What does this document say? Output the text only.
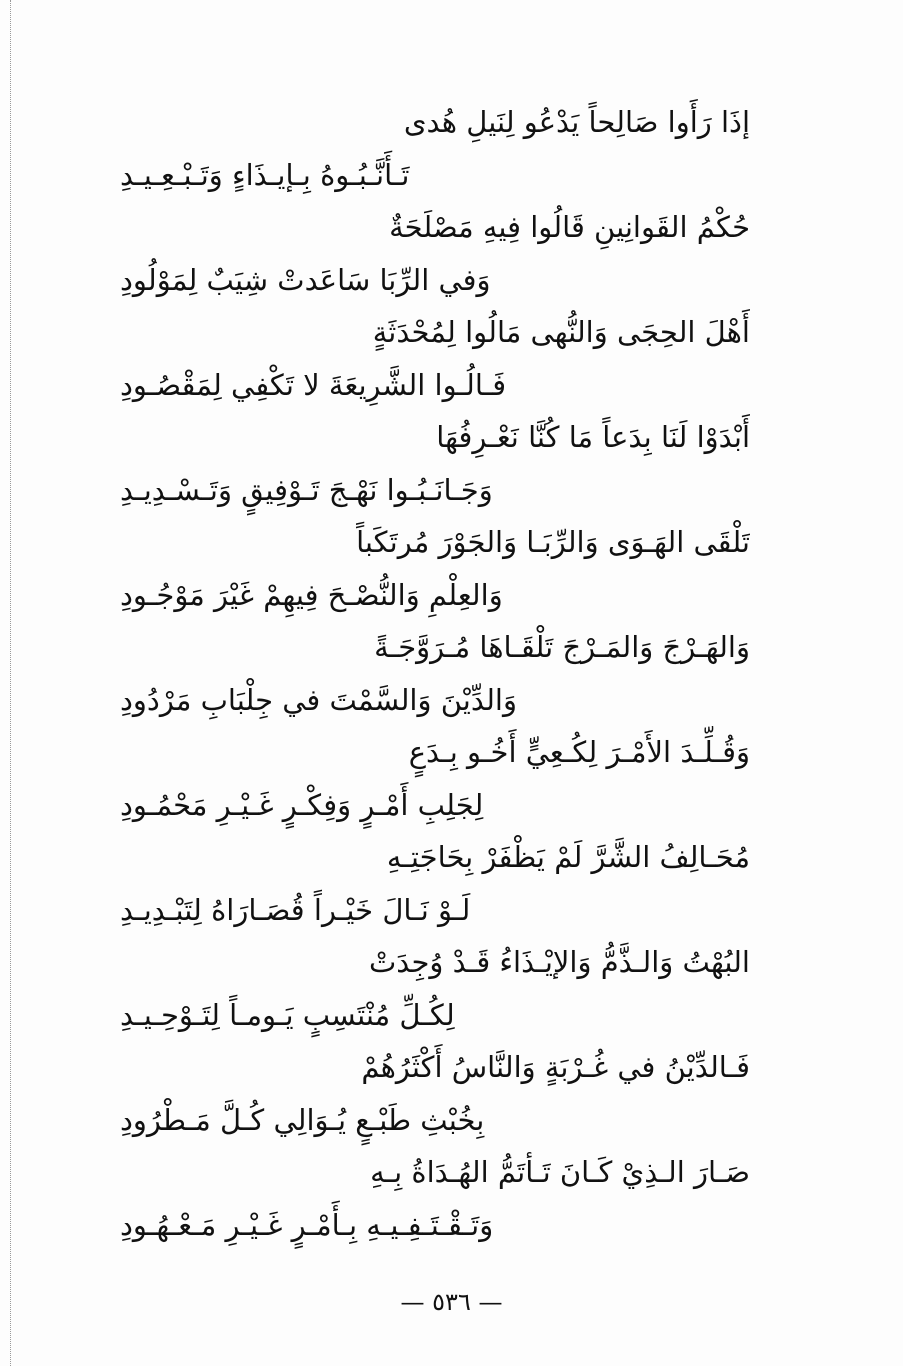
إذَا رَأَوا صَالِحاً يَدْعُو لِنَيلِ هُدى
تَـأَنَّـبُـوهُ بِـإيـذَاءٍ وَتَـبْـعِـيـدِ
حُكْمُ القَوانِينِ قَالُوا فِيهِ مَصْلَحَةٌ
وَفي الرِّبَا سَاعَدتْ شِيَبٌ لِمَوْلُودِ
أَهْلَ الحِجَى وَالنُّهى مَالُوا لِمُحْدَثَةٍ
فَـالُـوا الشَّرِيعَةَ لا تَكْفِي لِمَقْصُـودِ
أَبْدَوْا لَنَا بِدَعاً مَا كُنَّا نَعْـرِفُهَا
وَجَـانَـبُـوا نَهْـجَ تَـوْفِيقٍ وَتَـسْـدِيـدِ
تَلْقَى الهَـوَى وَالرِّبَـا وَالجَوْرَ مُرتَكَباً
وَالعِلْمِ وَالنُّصْـحَ فِيهِمْ غَيْرَ مَوْجُـودِ
وَالهَـرْجَ وَالمَـرْجَ تَلْقَـاهَا مُـرَوَّجَـةً
وَالدِّيْنَ وَالسَّمْتَ في جِلْبَابِ مَرْدُودِ
وَقُـلِّـدَ الأَمْـرَ لِكُـعِيٍّ أَخُـو بِـدَعٍ
لِجَلِبِ أَمْـرٍ وَفِكْـرٍ غَـيْـرِ مَحْمُـودِ
مُحَـالِفُ الشَّرَّ لَمْ يَظْفَرْ بِحَاجَتِـهِ
لَـوْ نَـالَ خَيْـراً قُصَـارَاهُ لِتَبْـدِيـدِ
البُهْتُ وَالـذَّمُّ وَالإيْـذَاءُ قَـدْ وُجِدَتْ
لِكُـلِّ مُنْتَسِبٍ يَـومـاً لِتَـوْحِـيـدِ
فَـالدِّيْنُ في غُـرْبَةٍ وَالنَّاسُ أَكْثَرُهُمْ
بِخُبْثِ طَبْـعٍ يُـوَالِي كُـلَّ مَـطْرُودِ
صَـارَ الـذِيْ كَـانَ تَـأتَمُّ الهُـدَاةُ بِـهِ
وَتَـقْـتَـفِـيـهِ بِـأَمْـرٍ غَـيْـرِ مَـعْـهُـودِ
— ٥٣٦ —
